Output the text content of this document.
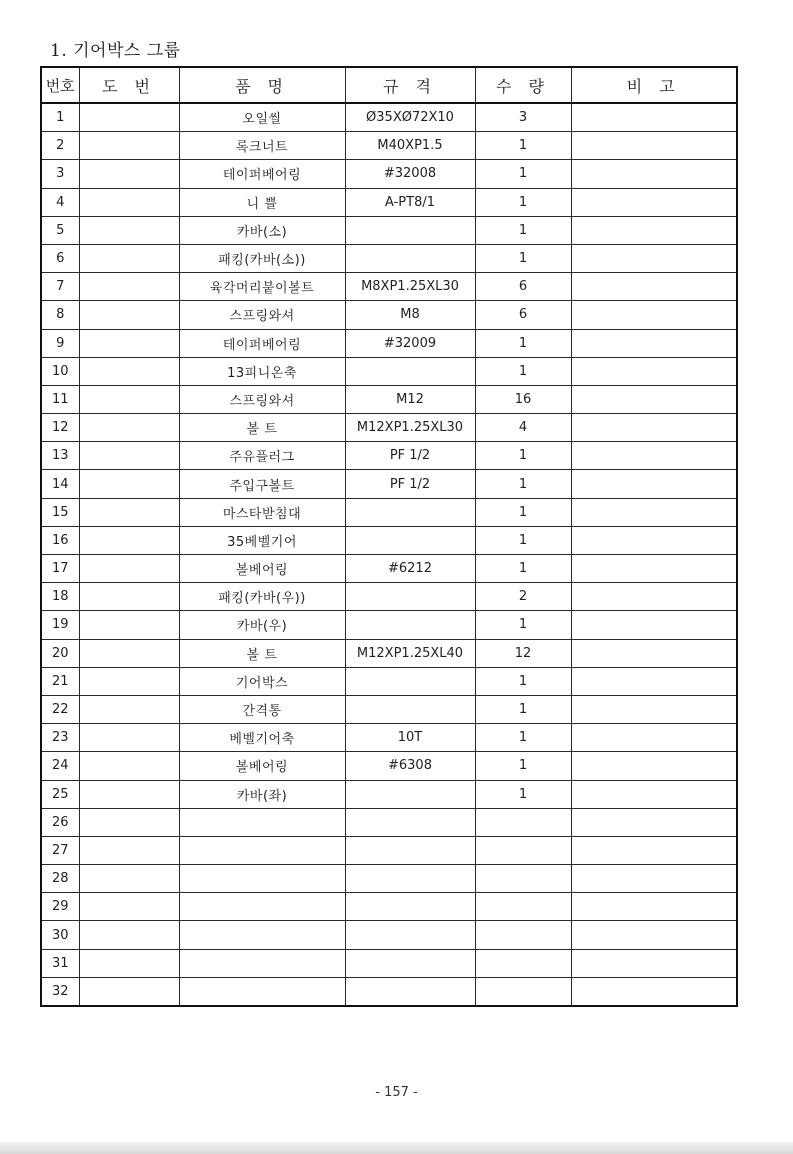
1. 기어박스 그룹
번호	도 번	품 명	규 격	수 량	비 고
1		오일씰	Ø35XØ72X10	3	
2		록크너트	M40XP1.5	1	
3		테이퍼베어링	#32008	1	
4		니 쁠	A-PT8/1	1	
5		카바(소)		1	
6		패킹(카바(소))		1	
7		육각머리붙이볼트	M8XP1.25XL30	6	
8		스프링와셔	M8	6	
9		테이퍼베어링	#32009	1	
10		13피니온축		1	
11		스프링와셔	M12	16	
12		볼 트	M12XP1.25XL30	4	
13		주유플러그	PF 1/2	1	
14		주입구볼트	PF 1/2	1	
15		마스타받침대		1	
16		35베벨기어		1	
17		볼베어링	#6212	1	
18		패킹(카바(우))		2	
19		카바(우)		1	
20		볼 트	M12XP1.25XL40	12	
21		기어박스		1	
22		간격통		1	
23		베벨기어축	10T	1	
24		볼베어링	#6308	1	
25		카바(좌)		1	
26					
27					
28					
29					
30					
31					
32					
- 157 -
